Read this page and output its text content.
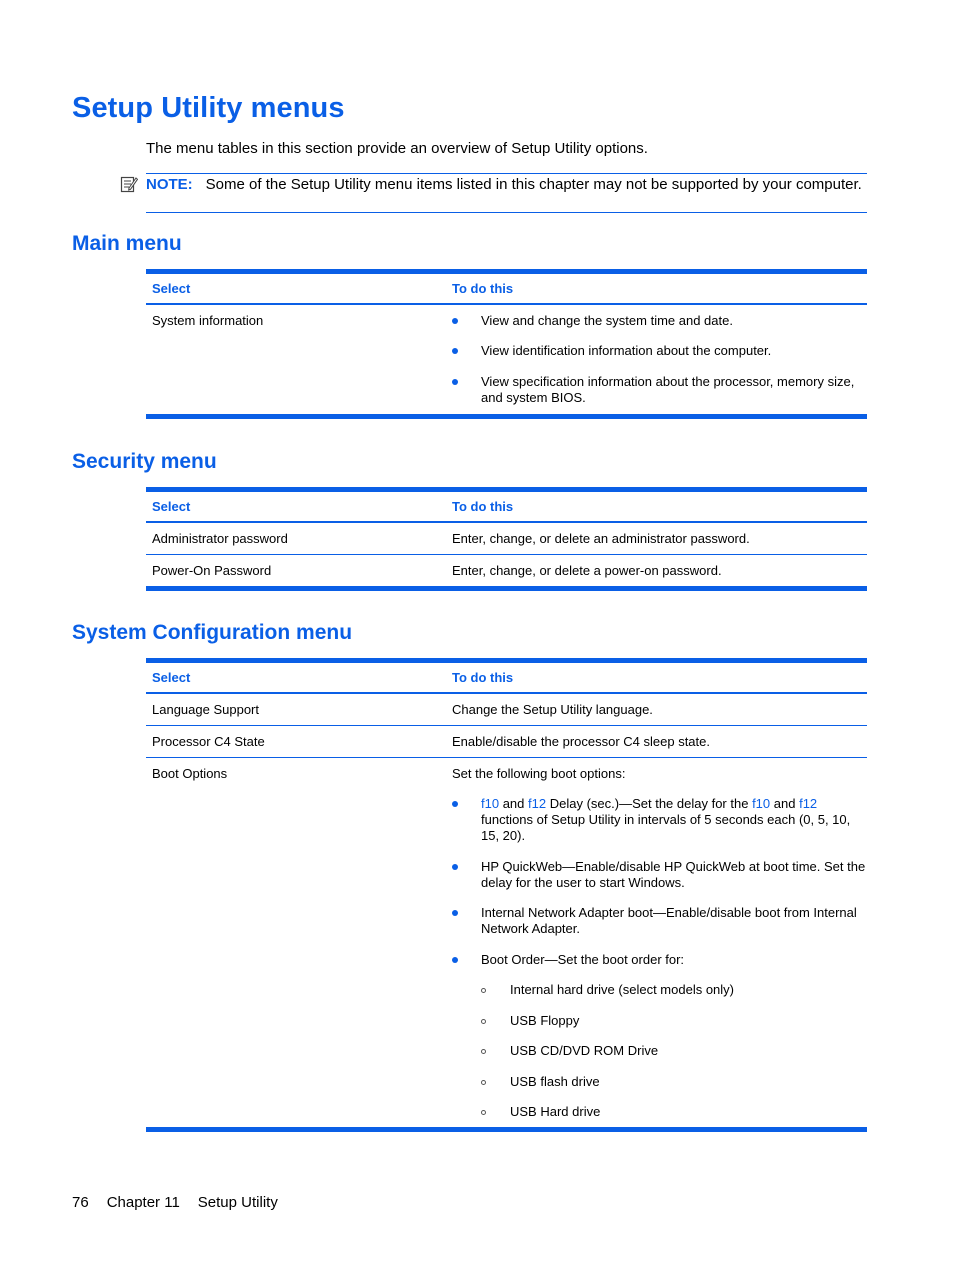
Setup Utility menus

The menu tables in this section provide an overview of Setup Utility options.

NOTE: Some of the Setup Utility menu items listed in this chapter may not be supported by your computer.
Main menu
Select	To do this
System information	View and change the system time and date.
View identification information about the computer.
View specification information about the processor, memory size, and system BIOS.
Security menu
Select	To do this
Administrator password	Enter, change, or delete an administrator password.
Power-On Password	Enter, change, or delete a power-on password.
System Configuration menu
Select	To do this
Language Support	Change the Setup Utility language.
Processor C4 State	Enable/disable the processor C4 sleep state.
Boot Options	Set the following boot options:
f10 and f12 Delay (sec.)—Set the delay for the f10 and f12 functions of Setup Utility in intervals of 5 seconds each (0, 5, 10, 15, 20).
HP QuickWeb—Enable/disable HP QuickWeb at boot time. Set the delay for the user to start Windows.
Internal Network Adapter boot—Enable/disable boot from Internal Network Adapter.
Boot Order—Set the boot order for:
Internal hard drive (select models only)
USB Floppy
USB CD/DVD ROM Drive
USB flash drive
USB Hard drive
76 Chapter 11 Setup Utility
